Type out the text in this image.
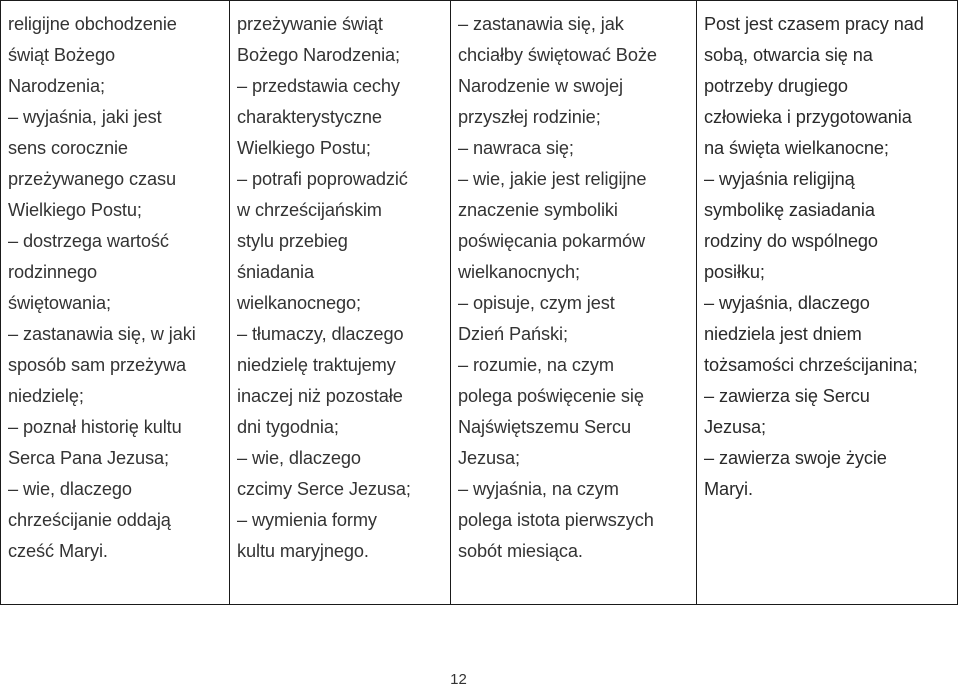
religijne obchodzenie
świąt Bożego
Narodzenia;
– wyjaśnia, jaki jest
sens corocznie
przeżywanego czasu
Wielkiego Postu;
– dostrzega wartość
rodzinnego
świętowania;
– zastanawia się, w jaki
sposób sam przeżywa
niedzielę;
– poznał historię kultu
Serca Pana Jezusa;
– wie, dlaczego
chrześcijanie oddają
cześć Maryi.

przeżywanie świąt
Bożego Narodzenia;
– przedstawia cechy
charakterystyczne
Wielkiego Postu;
– potrafi poprowadzić
w chrześcijańskim
stylu przebieg
śniadania
wielkanocnego;
– tłumaczy, dlaczego
niedzielę traktujemy
inaczej niż pozostałe
dni tygodnia;
– wie, dlaczego
czcimy Serce Jezusa;
– wymienia formy
kultu maryjnego.

– zastanawia się, jak
chciałby świętować Boże
Narodzenie w swojej
przyszłej rodzinie;
– nawraca się;
– wie, jakie jest religijne
znaczenie symboliki
poświęcania pokarmów
wielkanocnych;
– opisuje, czym jest
Dzień Pański;
– rozumie, na czym
polega poświęcenie się
Najświętszemu Sercu
Jezusa;
– wyjaśnia, na czym
polega istota pierwszych
sobót miesiąca.

Post jest czasem pracy nad
sobą, otwarcia się na
potrzeby drugiego
człowieka i przygotowania
na święta wielkanocne;
– wyjaśnia religijną
symbolikę zasiadania
rodziny do wspólnego
posiłku;
– wyjaśnia, dlaczego
niedziela jest dniem
tożsamości chrześcijanina;
– zawierza się Sercu
Jezusa;
– zawierza swoje życie
Maryi.
12
